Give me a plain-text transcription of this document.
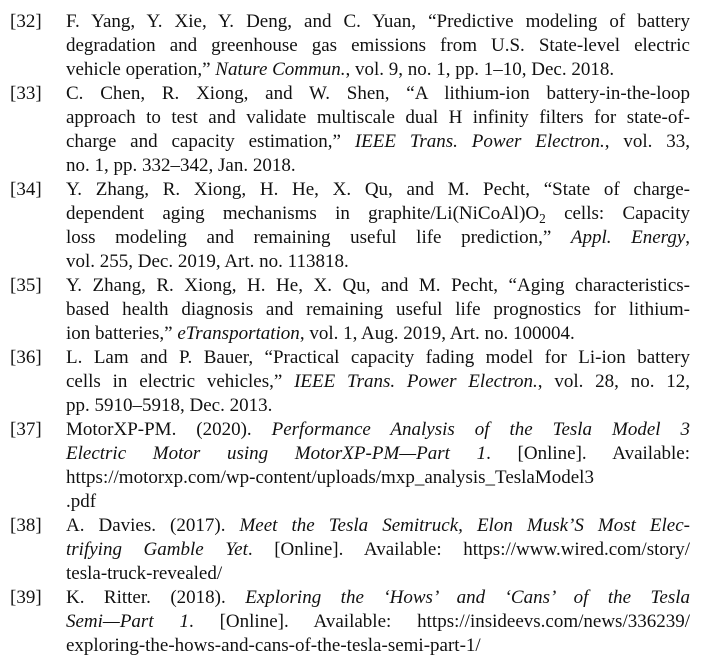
[32]	F. Yang, Y. Xie, Y. Deng, and C. Yuan, “Predictive modeling of battery
degradation and greenhouse gas emissions from U.S. State-level electric
vehicle operation,” Nature Commun., vol. 9, no. 1, pp. 1–10, Dec. 2018.
[33]	C. Chen, R. Xiong, and W. Shen, “A lithium-ion battery-in-the-loop
approach to test and validate multiscale dual H infinity filters for state-of-
charge and capacity estimation,” IEEE Trans. Power Electron., vol. 33,
no. 1, pp. 332–342, Jan. 2018.
[34]	Y. Zhang, R. Xiong, H. He, X. Qu, and M. Pecht, “State of charge-
dependent aging mechanisms in graphite/$Li(NiCoAl)O_2$ cells: Capacity
loss modeling and remaining useful life prediction,” Appl. Energy,
vol. 255, Dec. 2019, Art. no. 113818.
[35]	Y. Zhang, R. Xiong, H. He, X. Qu, and M. Pecht, “Aging characteristics-
based health diagnosis and remaining useful life prognostics for lithium-
ion batteries,” eTransportation, vol. 1, Aug. 2019, Art. no. 100004.
[36]	L. Lam and P. Bauer, “Practical capacity fading model for Li-ion battery
cells in electric vehicles,” IEEE Trans. Power Electron., vol. 28, no. 12,
pp. 5910–5918, Dec. 2013.
[37]	MotorXP-PM. (2020). Performance Analysis of the Tesla Model 3
Electric Motor using MotorXP-PM—Part 1. [Online]. Available:
https://motorxp.com/wp-content/uploads/mxp_analysis_TeslaModel3
.pdf
[38]	A. Davies. (2017). Meet the Tesla Semitruck, Elon Musk’S Most Elec-
trifying Gamble Yet. [Online]. Available: https://www.wired.com/story/
tesla-truck-revealed/
[39]	K. Ritter. (2018). Exploring the ‘Hows’ and ‘Cans’ of the Tesla
Semi—Part 1. [Online]. Available: https://insideevs.com/news/336239/
exploring-the-hows-and-cans-of-the-tesla-semi-part-1/
